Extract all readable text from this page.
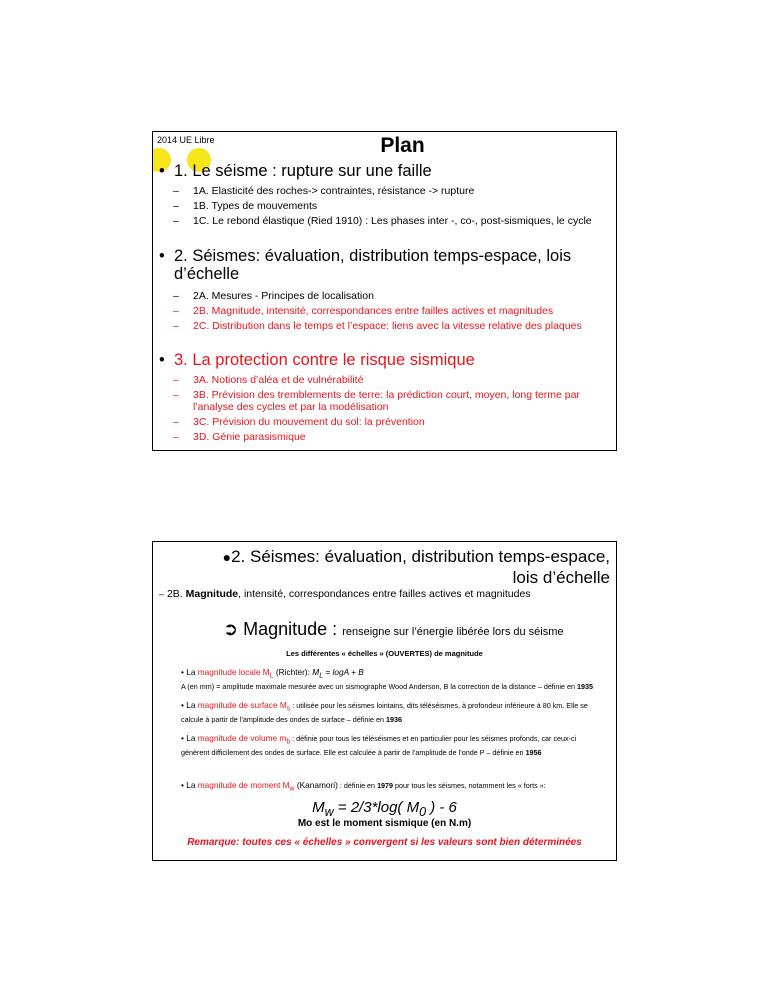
2014 UE Libre	Plan
• 1. Le séisme : rupture sur une faille
–	1A. Elasticité des roches-> contraintes, résistance -> rupture
–	1B. Types de mouvements
–	1C. Le rebond élastique (Ried 1910) : Les phases inter -, co-, post-sismiques, le cycle
• 2. Séismes: évaluation, distribution temps-espace, lois d’échelle
–	2A. Mesures - Principes de localisation
–	2B. Magnitude, intensité, correspondances entre failles actives et magnitudes
–	2C. Distribution dans le temps et l’espace: liens avec la vitesse relative des plaques
• 3. La protection contre le risque sismique
–	3A. Notions d’aléa et de vulnérabilité
–	3B. Prévision des tremblements de terre: la prédiction court, moyen, long terme par l’analyse des cycles et par la modélisation
–	3C. Prévision du mouvement du sol: la prévention
–	3D. Génie parasismique
●2. Séismes: évaluation, distribution temps-espace, lois d’échelle
– 2B. Magnitude, intensité, correspondances entre failles actives et magnitudes
➲ Magnitude : renseigne sur l’énergie libérée lors du séisme
Les différentes « échelles » (OUVERTES) de magnitude
• La magnitude locale $M_L$ (Richter): $M_L = \log A + B$
A (en mm) = amplitude maximale mesurée avec un sismographe Wood Anderson, B la correction de la distance – définie en 1935
• La magnitude de surface $M_s$ : utilisée pour les séismes lointains, dits téléséismes, à profondeur inférieure à 80 km. Elle se calcule à partir de l’amplitude des ondes de surface – définie en 1936
• La magnitude de volume $m_b$ : définie pour tous les téléséismes et en particulier pour les séismes profonds, car ceux-ci génèrent difficilement des ondes de surface. Elle est calculée à partir de l’amplitude de l’onde P – définie en 1956
• La magnitude de moment $M_w$ (Kanamori) : définie en 1979 pour tous les séismes, notamment les « forts »:
$M_w = 2/3*\log$( $M_0$ ) - 6
Mo est le moment sismique (en N.m)
Remarque: toutes ces « échelles » convergent si les valeurs sont bien déterminées
